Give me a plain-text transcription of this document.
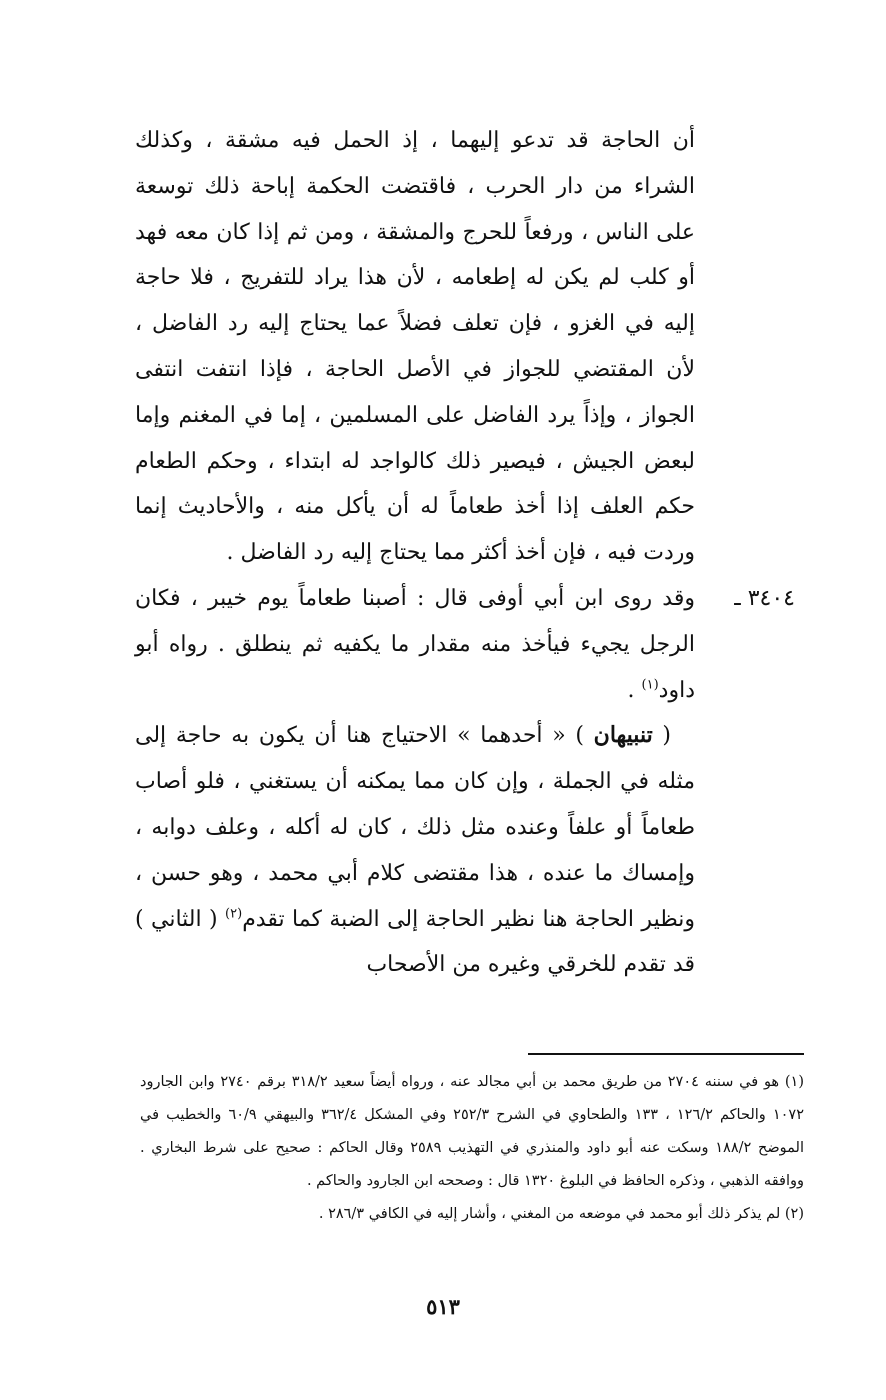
أن الحاجة قد تدعو إليهما ، إذ الحمل فيه مشقة ، وكذلك الشراء من دار الحرب ، فاقتضت الحكمة إباحة ذلك توسعة على الناس ، ورفعاً للحرج والمشقة ، ومن ثم إذا كان معه فهد أو كلب لم يكن له إطعامه ، لأن هذا يراد للتفريج ، فلا حاجة إليه في الغزو ، فإن تعلف فضلاً عما يحتاج إليه رد الفاضل ، لأن المقتضي للجواز في الأصل الحاجة ، فإذا انتفت انتفى الجواز ، وإذاً يرد الفاضل على المسلمين ، إما في المغنم وإما لبعض الجيش ، فيصير ذلك كالواجد له ابتداء ، وحكم الطعام حكم العلف إذا أخذ طعاماً له أن يأكل منه ، والأحاديث إنما وردت فيه ، فإن أخذ أكثر مما يحتاج إليه رد الفاضل .

٣٤٠٤ ـ
وقد روى ابن أبي أوفى قال : أصبنا طعاماً يوم خيبر ، فكان الرجل يجيء فيأخذ منه مقدار ما يكفيه ثم ينطلق . رواه أبو داود$^{(١)}$ .

( تنبيهان ) « أحدهما » الاحتياج هنا أن يكون به حاجة إلى مثله في الجملة ، وإن كان مما يمكنه أن يستغني ، فلو أصاب طعاماً أو علفاً وعنده مثل ذلك ، كان له أكله ، وعلف دوابه ، وإمساك ما عنده ، هذا مقتضى كلام أبي محمد ، وهو حسن ، ونظير الحاجة هنا نظير الحاجة إلى الضبة كما تقدم$^{(٢)}$ ( الثاني ) قد تقدم للخرقي وغيره من الأصحاب

(١) هو في سننه ٢٧٠٤ من طريق محمد بن أبي مجالد عنه ، ورواه أيضاً سعيد ٣١٨/٢ برقم ٢٧٤٠ وابن الجارود ١٠٧٢ والحاكم ١٢٦/٢ ، ١٣٣ والطحاوي في الشرح ٢٥٢/٣ وفي المشكل ٣٦٢/٤ والبيهقي ٦٠/٩ والخطيب في الموضح ١٨٨/٢ وسكت عنه أبو داود والمنذري في التهذيب ٢٥٨٩ وقال الحاكم : صحيح على شرط البخاري . ووافقه الذهبي ، وذكره الحافظ في البلوغ ١٣٢٠ قال : وصححه ابن الجارود والحاكم .

(٢) لم يذكر ذلك أبو محمد في موضعه من المغني ، وأشار إليه في الكافي ٢٨٦/٣ .

٥١٣
